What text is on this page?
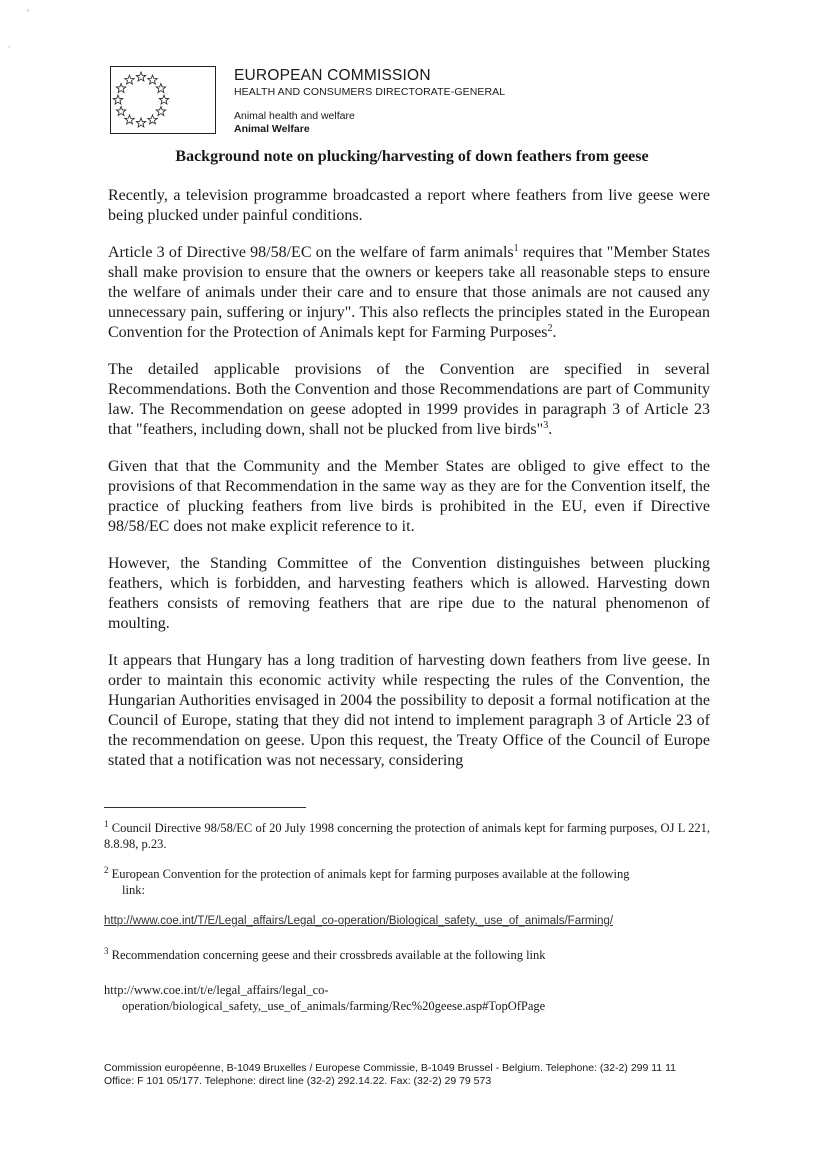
ʹ
·
EUROPEAN COMMISSION
HEALTH AND CONSUMERS DIRECTORATE-GENERAL
Animal health and welfare
Animal Welfare
Background note on plucking/harvesting of down feathers from geese

Recently, a television programme broadcasted a report where feathers from live geese were being plucked under painful conditions.

Article 3 of Directive 98/58/EC on the welfare of farm animals$^1$ requires that "Member States shall make provision to ensure that the owners or keepers take all reasonable steps to ensure the welfare of animals under their care and to ensure that those animals are not caused any unnecessary pain, suffering or injury". This also reflects the principles stated in the European Convention for the Protection of Animals kept for Farming Purposes$^2$.

The detailed applicable provisions of the Convention are specified in several Recommendations. Both the Convention and those Recommendations are part of Community law. The Recommendation on geese adopted in 1999 provides in paragraph 3 of Article 23 that "feathers, including down, shall not be plucked from live birds"$^3$.

Given that that the Community and the Member States are obliged to give effect to the provisions of that Recommendation in the same way as they are for the Convention itself, the practice of plucking feathers from live birds is prohibited in the EU, even if Directive 98/58/EC does not make explicit reference to it.

However, the Standing Committee of the Convention distinguishes between plucking feathers, which is forbidden, and harvesting feathers which is allowed. Harvesting down feathers consists of removing feathers that are ripe due to the natural phenomenon of moulting.

It appears that Hungary has a long tradition of harvesting down feathers from live geese. In order to maintain this economic activity while respecting the rules of the Convention, the Hungarian Authorities envisaged in 2004 the possibility to deposit a formal notification at the Council of Europe, stating that they did not intend to implement paragraph 3 of Article 23 of the recommendation on geese. Upon this request, the Treaty Office of the Council of Europe stated that a notification was not necessary, considering

$^1$ Council Directive 98/58/EC of 20 July 1998 concerning the protection of animals kept for farming purposes, OJ L 221, 8.8.98, p.23.
$^2$ European Convention for the protection of animals kept for farming purposes available at the following
link:
http://www.coe.int/T/E/Legal_affairs/Legal_co-operation/Biological_safety,_use_of_animals/Farming/
$^3$ Recommendation concerning geese and their crossbreds available at the following link
http://www.coe.int/t/e/legal_affairs/legal_co-
operation/biological_safety,_use_of_animals/farming/Rec%20geese.asp#TopOfPage
Commission européenne, B-1049 Bruxelles / Europese Commissie, B-1049 Brussel - Belgium. Telephone: (32-2) 299 11 11
Office: F 101 05/177. Telephone: direct line (32-2) 292.14.22. Fax: (32-2) 29 79 573
